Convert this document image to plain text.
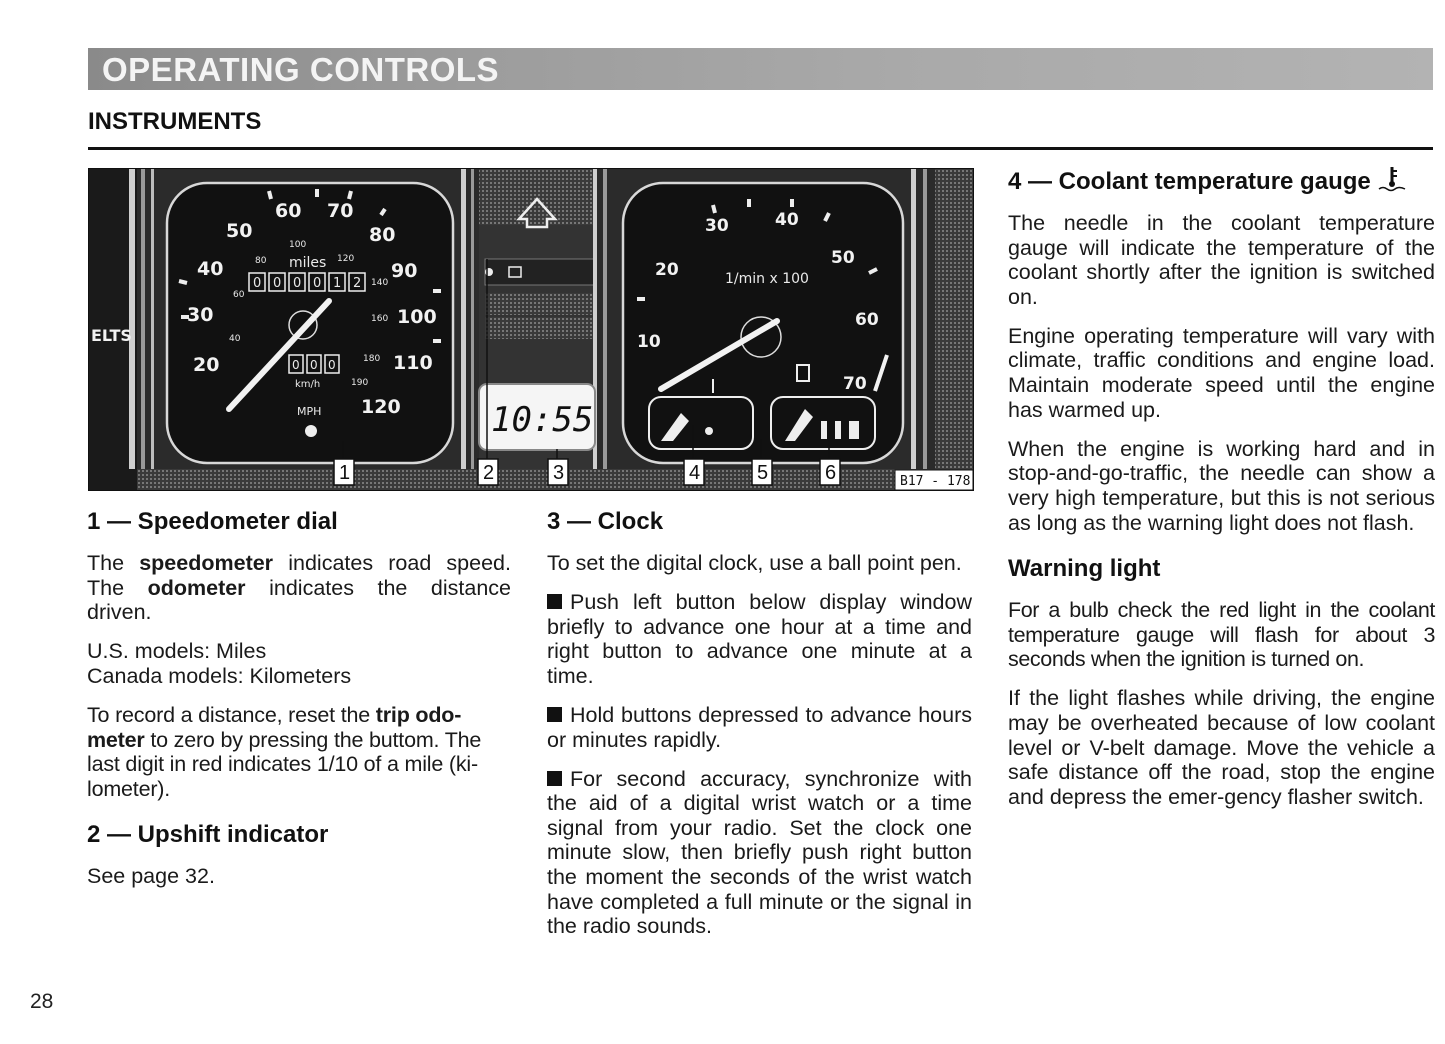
OPERATING CONTROLS
INSTRUMENTS
ELTS
60 70
50	80
40	90
30	100
20	110
120
100
80	120
140
160
180
190
60
40
miles
0 0 0 0 1 2
0 0 0
km/h
MPH	10:55
30	40
50
60
70
20
10
1/min x 100
1	2	3	4	5	6	B17 - 178
1 — Speedometer dial

The speedometer indicates road speed. The odometer indicates the distance driven.

U.S. models: Miles
Canada models: Kilometers

To record a distance, reset the trip odo-meter to zero by pressing the buttom. The last digit in red indicates 1/10 of a mile (ki-lometer).

2 — Upshift indicator

See page 32.

3 — Clock

To set the digital clock, use a ball point pen.

Push left button below display window briefly to advance one hour at a time and right button to advance one minute at a time.

Hold buttons depressed to advance hours or minutes rapidly.

For second accuracy, synchronize with the aid of a digital wrist watch or a time signal from your radio. Set the clock one minute slow, then briefly push right button the moment the seconds of the wrist watch have completed a full minute or the signal in the radio sounds.

4 — Coolant temperature gauge

The needle in the coolant temperature gauge will indicate the temperature of the coolant shortly after the ignition is switched on.

Engine operating temperature will vary with climate, traffic conditions and engine load. Maintain moderate speed until the engine has warmed up.

When the engine is working hard and in stop-and-go-traffic, the needle can show a very high temperature, but this is not serious as long as the warning light does not flash.

Warning light

For a bulb check the red light in the coolant temperature gauge will flash for about 3 seconds when the ignition is turned on.

If the light flashes while driving, the engine may be overheated because of low coolant level or V-belt damage. Move the vehicle a safe distance off the road, stop the engine and depress the emer-gency flasher switch.

28
